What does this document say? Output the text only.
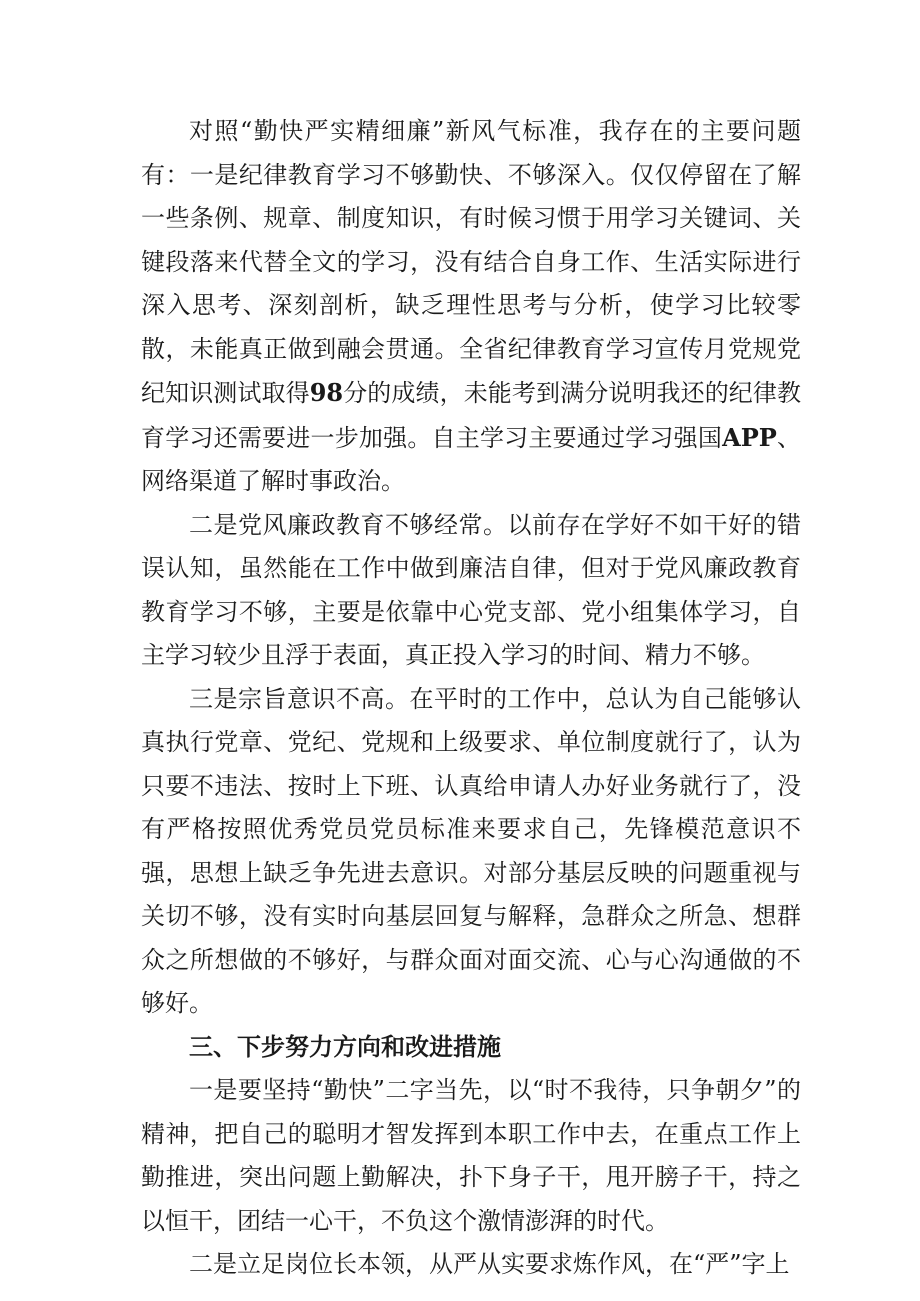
对照“勤快严实精细廉”新风气标准，我存在的主要问题有：一是纪律教育学习不够勤快、不够深入。仅仅停留在了解一些条例、规章、制度知识，有时候习惯于用学习关键词、关键段落来代替全文的学习，没有结合自身工作、生活实际进行深入思考、深刻剖析，缺乏理性思考与分析，使学习比较零散，未能真正做到融会贯通。全省纪律教育学习宣传月党规党纪知识测试取得98分的成绩，未能考到满分说明我还的纪律教育学习还需要进一步加强。自主学习主要通过学习强国APP、网络渠道了解时事政治。

二是党风廉政教育不够经常。以前存在学好不如干好的错误认知，虽然能在工作中做到廉洁自律，但对于党风廉政教育教育学习不够，主要是依靠中心党支部、党小组集体学习，自主学习较少且浮于表面，真正投入学习的时间、精力不够。

三是宗旨意识不高。在平时的工作中，总认为自己能够认真执行党章、党纪、党规和上级要求、单位制度就行了，认为只要不违法、按时上下班、认真给申请人办好业务就行了，没有严格按照优秀党员党员标准来要求自己，先锋模范意识不强，思想上缺乏争先进去意识。对部分基层反映的问题重视与关切不够，没有实时向基层回复与解释，急群众之所急、想群众之所想做的不够好，与群众面对面交流、心与心沟通做的不够好。

三、下步努力方向和改进措施

一是要坚持“勤快”二字当先，以“时不我待，只争朝夕”的精神，把自己的聪明才智发挥到本职工作中去，在重点工作上勤推进，突出问题上勤解决，扑下身子干，甩开膀子干，持之以恒干，团结一心干，不负这个激情澎湃的时代。

二是立足岗位长本领，从严从实要求炼作风，在“严”字上
